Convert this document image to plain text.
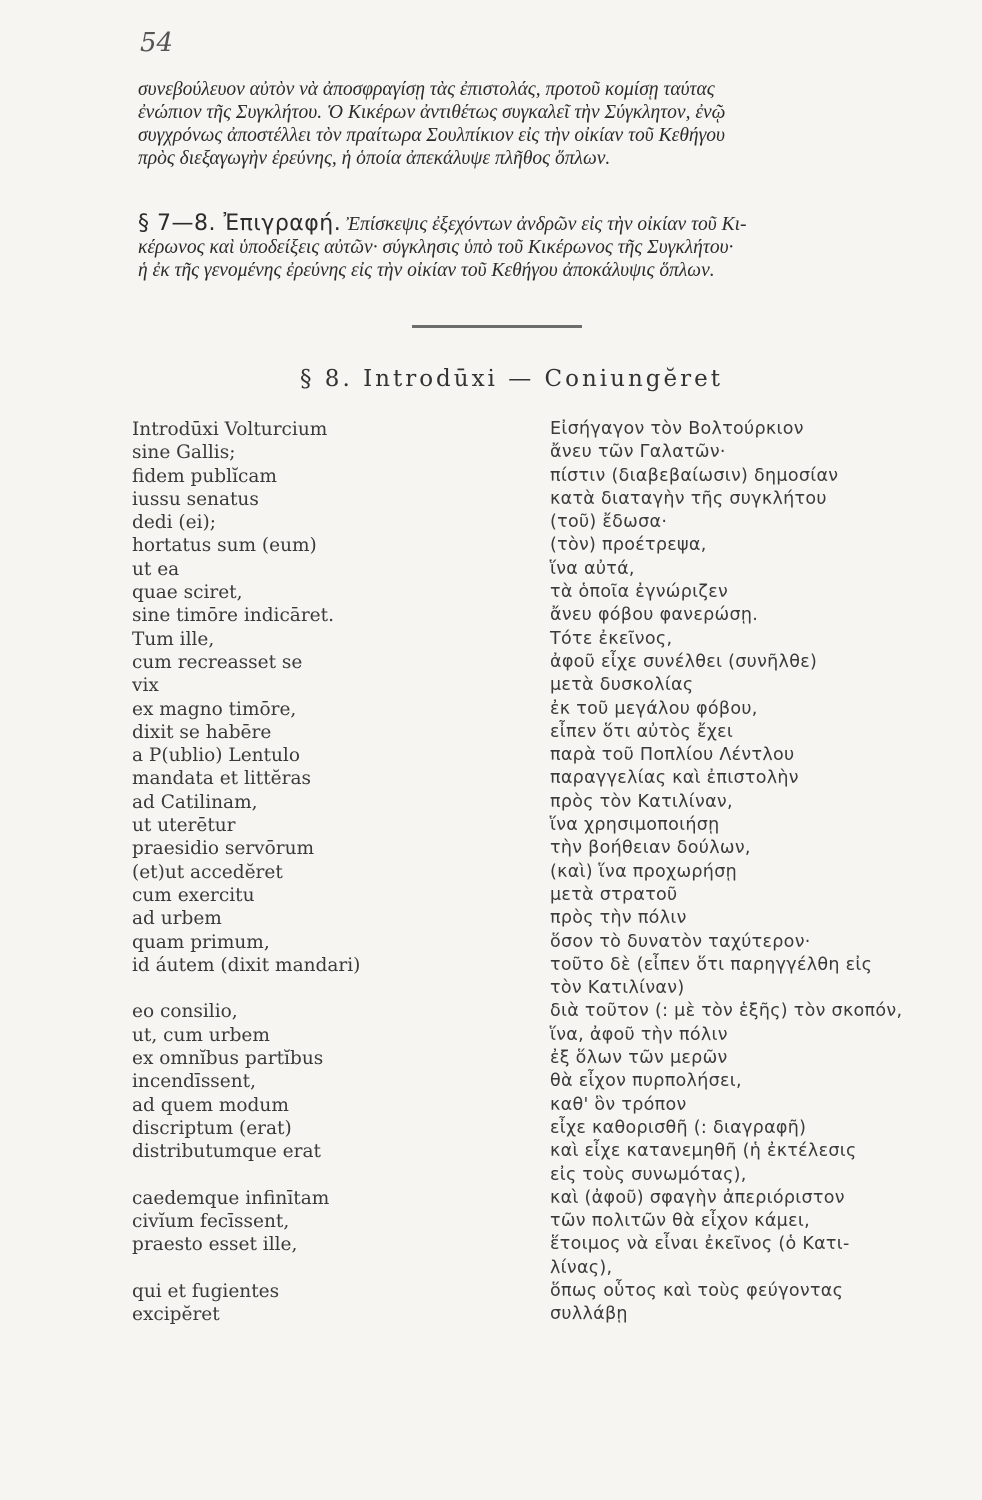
54
συνεβούλευον αὐτὸν νὰ ἀποσφραγίσῃ τὰς ἐπιστολάς, προτοῦ κομίσῃ ταύτας
ἐνώπιον τῆς Συγκλήτου. Ὁ Κικέρων ἀντιθέτως συγκαλεῖ τὴν Σύγκλητον, ἐνῷ
συγχρόνως ἀποστέλλει τὸν πραίτωρα Σουλπίκιον εἰς τὴν οἰκίαν τοῦ Κεθήγου
πρὸς διεξαγωγὴν ἐρεύνης, ἡ ὁποία ἀπεκάλυψε πλῆθος ὅπλων.
§ 7—8. Ἐπιγραφή. Ἐπίσκεψις ἐξεχόντων ἀνδρῶν εἰς τὴν οἰκίαν τοῦ Κι-
κέρωνος καὶ ὑποδείξεις αὐτῶν· σύγκλησις ὑπὸ τοῦ Κικέρωνος τῆς Συγκλήτου·
ἡ ἐκ τῆς γενομένης ἐρεύνης εἰς τὴν οἰκίαν τοῦ Κεθήγου ἀποκάλυψις ὅπλων.
§ 8. Introdūxi — Coniungĕret
Introdūxi Volturcium
sine Gallis;
fidem publĭcam
iussu senatus
dedi (ei);
hortatus sum (eum)
ut ea
quae sciret,
sine timōre indicāret.
Tum ille,
cum recreasset se
vix
ex magno timōre,
dixit se habēre
a P(ublio) Lentulo
mandata et littĕras
ad Catilinam,
ut uterētur
praesidio servōrum
(et)ut accedĕret
cum exercitu
ad urbem
quam primum,
id áutem (dixit mandari)
eo consilio,
ut, cum urbem
ex omnĭbus partĭbus
incendīssent,
ad quem modum
discriptum (erat)
distributumque erat
caedemque infinītam
civĭum fecīssent,
praesto esset ille,
qui et fugientes
excipĕret
Εἰσήγαγον τὸν Βολτούρκιον
ἄνευ τῶν Γαλατῶν·
πίστιν (διαβεβαίωσιν) δημοσίαν
κατὰ διαταγὴν τῆς συγκλήτου
(τοῦ) ἔδωσα·
(τὸν) προέτρεψα,
ἵνα αὐτά,
τὰ ὁποῖα ἐγνώριζεν
ἄνευ φόβου φανερώσῃ.
Τότε ἐκεῖνος,
ἀφοῦ εἶχε συνέλθει (συνῆλθε)
μετὰ δυσκολίας
ἐκ τοῦ μεγάλου φόβου,
εἶπεν ὅτι αὐτὸς ἔχει
παρὰ τοῦ Ποπλίου Λέντλου
παραγγελίας καὶ ἐπιστολὴν
πρὸς τὸν Κατιλίναν,
ἵνα χρησιμοποιήσῃ
τὴν βοήθειαν δούλων,
(καὶ) ἵνα προχωρήσῃ
μετὰ στρατοῦ
πρὸς τὴν πόλιν
ὅσον τὸ δυνατὸν ταχύτερον·
τοῦτο δὲ (εἶπεν ὅτι παρηγγέλθη εἰς
τὸν Κατιλίναν)
διὰ τοῦτον (: μὲ τὸν ἑξῆς) τὸν σκοπόν,
ἵνα, ἀφοῦ τὴν πόλιν
ἐξ ὅλων τῶν μερῶν
θὰ εἶχον πυρπολήσει,
καθ' ὃν τρόπον
εἶχε καθορισθῆ (: διαγραφῆ)
καὶ εἶχε κατανεμηθῆ (ἡ ἐκτέλεσις
εἰς τοὺς συνωμότας),
καὶ (ἀφοῦ) σφαγὴν ἀπεριόριστον
τῶν πολιτῶν θὰ εἶχον κάμει,
ἕτοιμος νὰ εἶναι ἐκεῖνος (ὁ Κατι-
λίνας),
ὅπως οὗτος καὶ τοὺς φεύγοντας
συλλάβῃ
